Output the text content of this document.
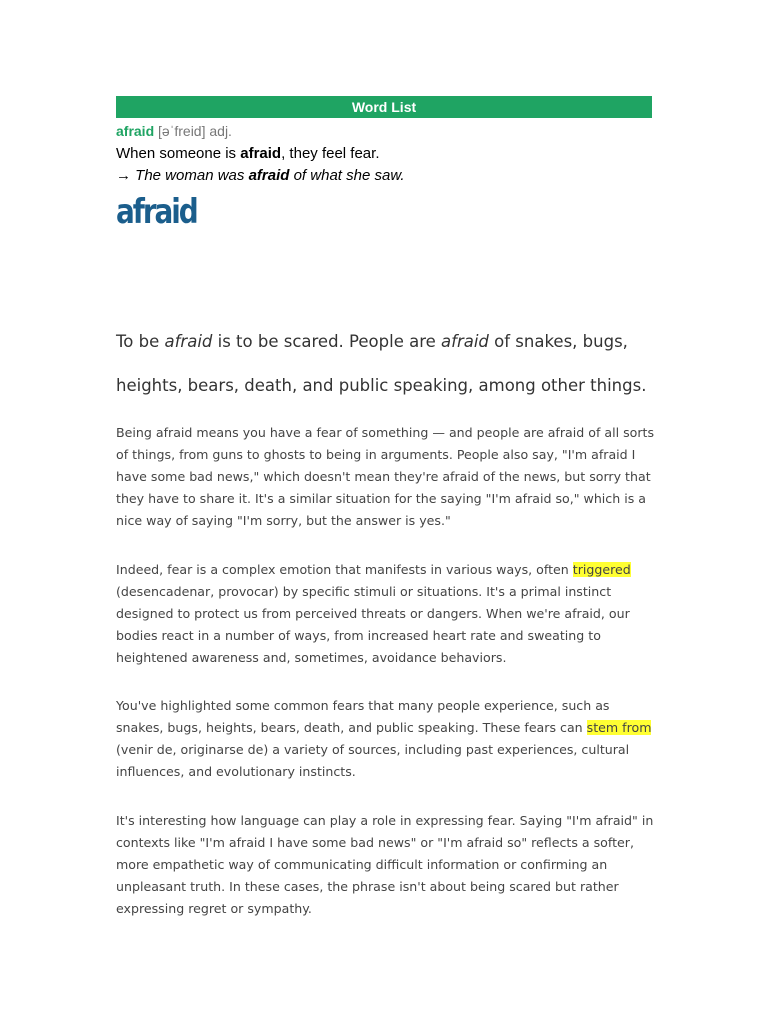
Word List
afraid [əˈfreid] adj.
When someone is afraid, they feel fear.
→ The woman was afraid of what she saw.
afraid

To be afraid is to be scared. People are afraid of snakes, bugs, heights, bears, death, and public speaking, among other things.

Being afraid means you have a fear of something — and people are afraid of all sorts of things, from guns to ghosts to being in arguments. People also say, "I'm afraid I have some bad news," which doesn't mean they're afraid of the news, but sorry that they have to share it. It's a similar situation for the saying "I'm afraid so," which is a nice way of saying "I'm sorry, but the answer is yes."

Indeed, fear is a complex emotion that manifests in various ways, often triggered (desencadenar, provocar) by specific stimuli or situations. It's a primal instinct designed to protect us from perceived threats or dangers. When we're afraid, our bodies react in a number of ways, from increased heart rate and sweating to heightened awareness and, sometimes, avoidance behaviors.

You've highlighted some common fears that many people experience, such as snakes, bugs, heights, bears, death, and public speaking. These fears can stem from (venir de, originarse de) a variety of sources, including past experiences, cultural influences, and evolutionary instincts.

It's interesting how language can play a role in expressing fear. Saying "I'm afraid" in contexts like "I'm afraid I have some bad news" or "I'm afraid so" reflects a softer, more empathetic way of communicating difficult information or confirming an unpleasant truth. In these cases, the phrase isn't about being scared but rather expressing regret or sympathy.
